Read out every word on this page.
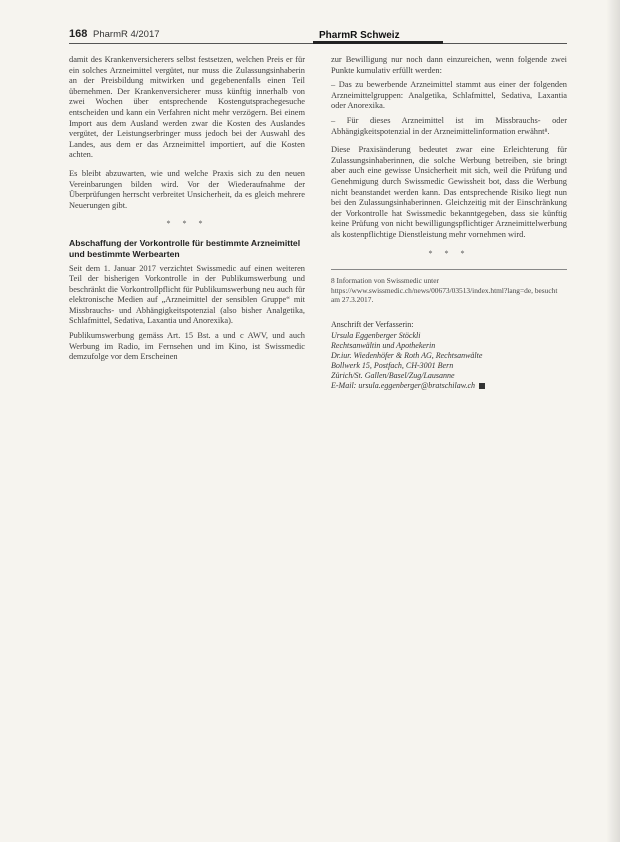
168 PharmR 4/2017	PharmR Schweiz

damit des Krankenversicherers selbst festsetzen, welchen Preis er für ein solches Arzneimittel vergütet, nur muss die Zulassungsinhaberin an der Preisbildung mitwirken und gegebenenfalls einen Teil übernehmen. Der Krankenversicherer muss künftig innerhalb von zwei Wochen über entsprechende Kostengutsprachegesuche entscheiden und kann ein Verfahren nicht mehr verzögern. Bei einem Import aus dem Ausland werden zwar die Kosten des Auslandes vergütet, der Leistungserbringer muss jedoch bei der Auswahl des Landes, aus dem er das Arzneimittel importiert, auf die Kosten achten.

Es bleibt abzuwarten, wie und welche Praxis sich zu den neuen Vereinbarungen bilden wird. Vor der Wiederaufnahme der Überprüfungen herrscht verbreitet Unsicherheit, da es gleich mehrere Neuerungen gibt.

* * *
Abschaffung der Vorkontrolle für bestimmte Arzneimittel und bestimmte Werbearten

Seit dem 1. Januar 2017 verzichtet Swissmedic auf einen weiteren Teil der bisherigen Vorkontrolle in der Publikumswerbung und beschränkt die Vorkontrollpflicht für Publikumswerbung neu auch für elektronische Medien auf „Arzneimittel der sensiblen Gruppe“ mit Missbrauchs- und Abhängigkeitspotenzial (also bisher Analgetika, Schlafmittel, Sedativa, Laxantia und Anorexika).

Publikumswerbung gemäss Art. 15 Bst. a und c AWV, und auch Werbung im Radio, im Fernsehen und im Kino, ist Swissmedic demzufolge vor dem Erscheinen

zur Bewilligung nur noch dann einzureichen, wenn folgende zwei Punkte kumulativ erfüllt werden:

– Das zu bewerbende Arzneimittel stammt aus einer der folgenden Arzneimittelgruppen: Analgetika, Schlafmittel, Sedativa, Laxantia oder Anorexika.

– Für dieses Arzneimittel ist im Missbrauchs- oder Abhängigkeitspotenzial in der Arzneimittelinformation erwähnt⁸.

Diese Praxisänderung bedeutet zwar eine Erleichterung für Zulassungsinhaberinnen, die solche Werbung betreiben, sie bringt aber auch eine gewisse Unsicherheit mit sich, weil die Prüfung und Genehmigung durch Swissmedic Gewissheit bot, dass die Werbung nicht beanstandet werden kann. Das entsprechende Risiko liegt nun bei den Zulassungsinhaberinnen. Gleichzeitig mit der Einschränkung der Vorkontrolle hat Swissmedic bekanntgegeben, dass sie künftig keine Prüfung von nicht bewilligungspflichtiger Arzneimittelwerbung als kostenpflichtige Dienstleistung mehr vornehmen wird.

* * *
8 Information von Swissmedic unter https://www.swissmedic.ch/news/00673/03513/index.html?lang=de, besucht am 27.3.2017.
Anschrift der Verfasserin:
Ursula Eggenberger Stöckli
Rechtsanwältin und Apothekerin
Dr.iur. Wiedenhöfer & Roth AG, Rechtsanwälte
Bollwerk 15, Postfach, CH-3001 Bern
Zürich/St. Gallen/Basel/Zug/Lausanne
E-Mail: ursula.eggenberger@bratschilaw.ch
